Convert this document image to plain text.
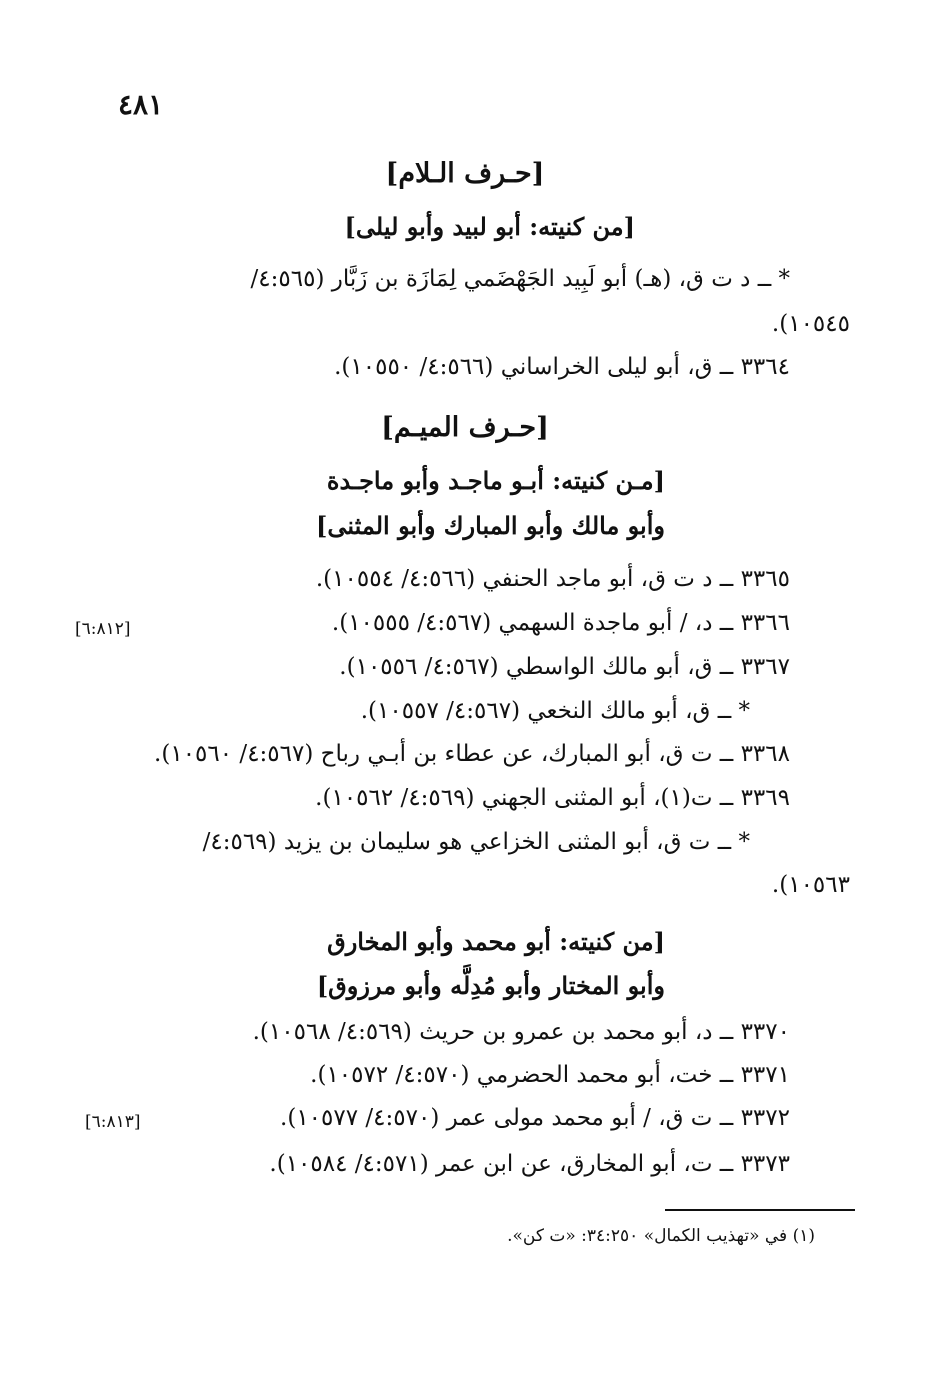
٤٨١
[حـرف الـلام]
[من كنيته: أبو لبيد وأبو ليلى]
* ــ د ت ق، (هـ) أبو لَبِيد الجَهْضَمي لِمَازَة بن زَبَّار (٤:٥٦٥/
١٠٥٤٥).
٣٣٦٤ ــ ق، أبو ليلى الخراساني (٤:٥٦٦/ ١٠٥٥٠).
[حـرف الميـم]
[مـن كنيته: أبـو ماجـد وأبو ماجـدة
وأبو مالك وأبو المبارك وأبو المثنى]
٣٣٦٥ ــ د ت ق، أبو ماجد الحنفي (٤:٥٦٦/ ١٠٥٥٤).
٣٣٦٦ ــ د، / أبو ماجدة السهمي (٤:٥٦٧/ ١٠٥٥٥).
[٦:٨١٢]
٣٣٦٧ ــ ق، أبو مالك الواسطي (٤:٥٦٧/ ١٠٥٥٦).
* ــ ق، أبو مالك النخعي (٤:٥٦٧/ ١٠٥٥٧).
٣٣٦٨ ــ ت ق، أبو المبارك، عن عطاء بن أبـي رباح (٤:٥٦٧/ ١٠٥٦٠).
٣٣٦٩ ــ ت(١)، أبو المثنى الجهني (٤:٥٦٩/ ١٠٥٦٢).
* ــ ت ق، أبو المثنى الخزاعي هو سليمان بن يزيد (٤:٥٦٩/
١٠٥٦٣).
[من كنيته: أبو محمد وأبو المخارق
وأبو المختار وأبو مُدِلَّه وأبو مرزوق]
٣٣٧٠ ــ د، أبو محمد بن عمرو بن حريث (٤:٥٦٩/ ١٠٥٦٨).
٣٣٧١ ــ خت، أبو محمد الحضرمي (٤:٥٧٠/ ١٠٥٧٢).
٣٣٧٢ ــ ت ق، / أبو محمد مولى عمر (٤:٥٧٠/ ١٠٥٧٧).
[٦:٨١٣]
٣٣٧٣ ــ ت، أبو المخارق، عن ابن عمر (٤:٥٧١/ ١٠٥٨٤).
(١) في «تهذيب الكمال» ٣٤:٢٥٠: «ت كن».
